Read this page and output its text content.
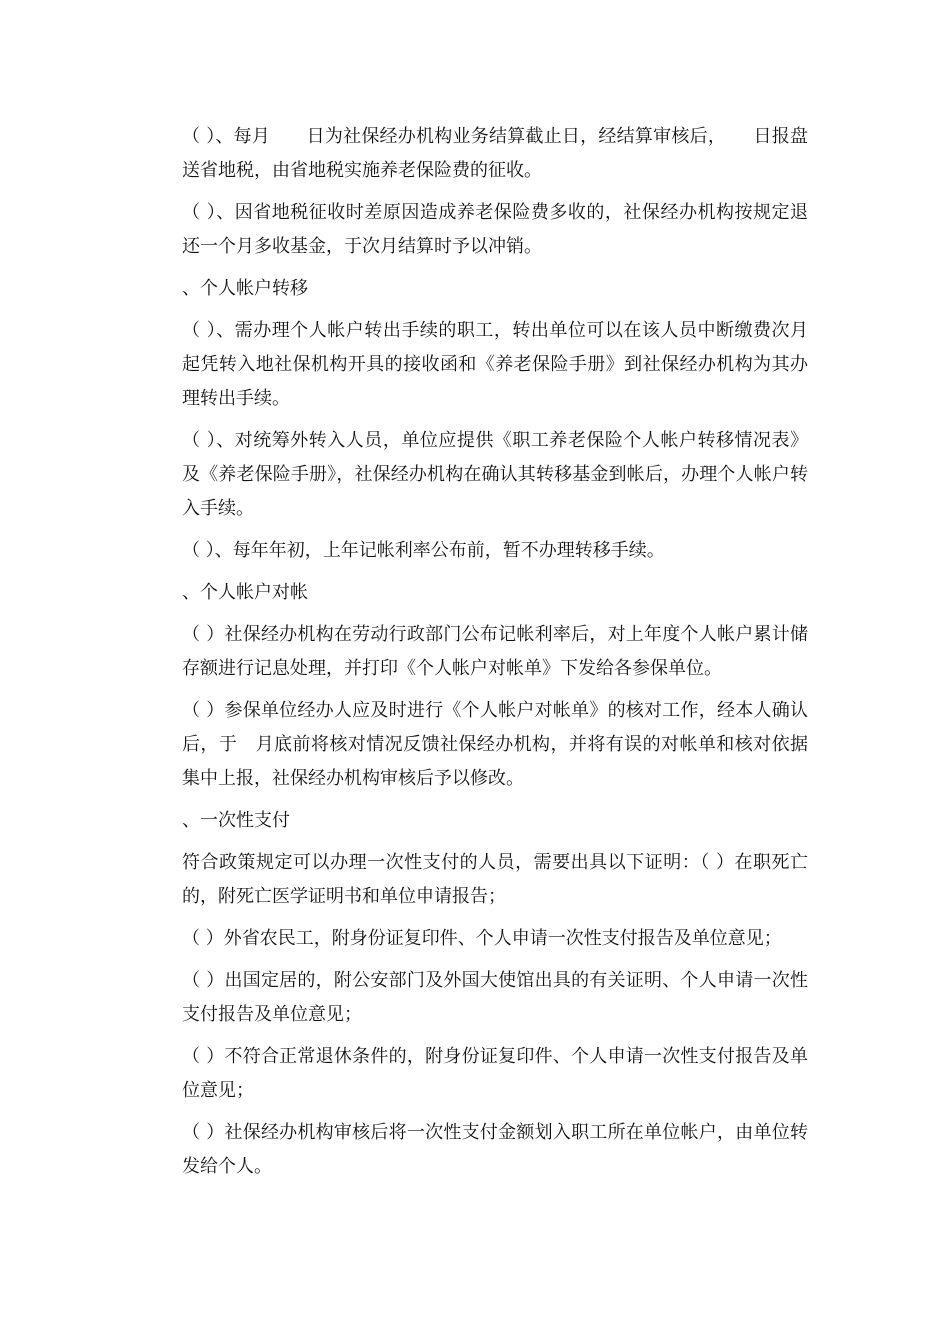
（ ）、每月　　日为社保经办机构业务结算截止日，经结算审核后，　　日报盘送省地税，由省地税实施养老保险费的征收。

（ ）、因省地税征收时差原因造成养老保险费多收的，社保经办机构按规定退还一个月多收基金，于次月结算时予以冲销。

、个人帐户转移

（ ）、需办理个人帐户转出手续的职工，转出单位可以在该人员中断缴费次月起凭转入地社保机构开具的接收函和《养老保险手册》到社保经办机构为其办理转出手续。

（ ）、对统筹外转入人员，单位应提供《职工养老保险个人帐户转移情况表》及《养老保险手册》，社保经办机构在确认其转移基金到帐后，办理个人帐户转入手续。

（ ）、每年年初，上年记帐利率公布前，暂不办理转移手续。

、个人帐户对帐

（ ）社保经办机构在劳动行政部门公布记帐利率后，对上年度个人帐户累计储存额进行记息处理，并打印《个人帐户对帐单》下发给各参保单位。

（ ）参保单位经办人应及时进行《个人帐户对帐单》的核对工作，经本人确认后，于　月底前将核对情况反馈社保经办机构，并将有误的对帐单和核对依据集中上报，社保经办机构审核后予以修改。

、一次性支付

符合政策规定可以办理一次性支付的人员，需要出具以下证明：（ ）在职死亡的，附死亡医学证明书和单位申请报告；

（ ）外省农民工，附身份证复印件、个人申请一次性支付报告及单位意见；

（ ）出国定居的，附公安部门及外国大使馆出具的有关证明、个人申请一次性支付报告及单位意见；

（ ）不符合正常退休条件的，附身份证复印件、个人申请一次性支付报告及单位意见；

（ ）社保经办机构审核后将一次性支付金额划入职工所在单位帐户，由单位转发给个人。
